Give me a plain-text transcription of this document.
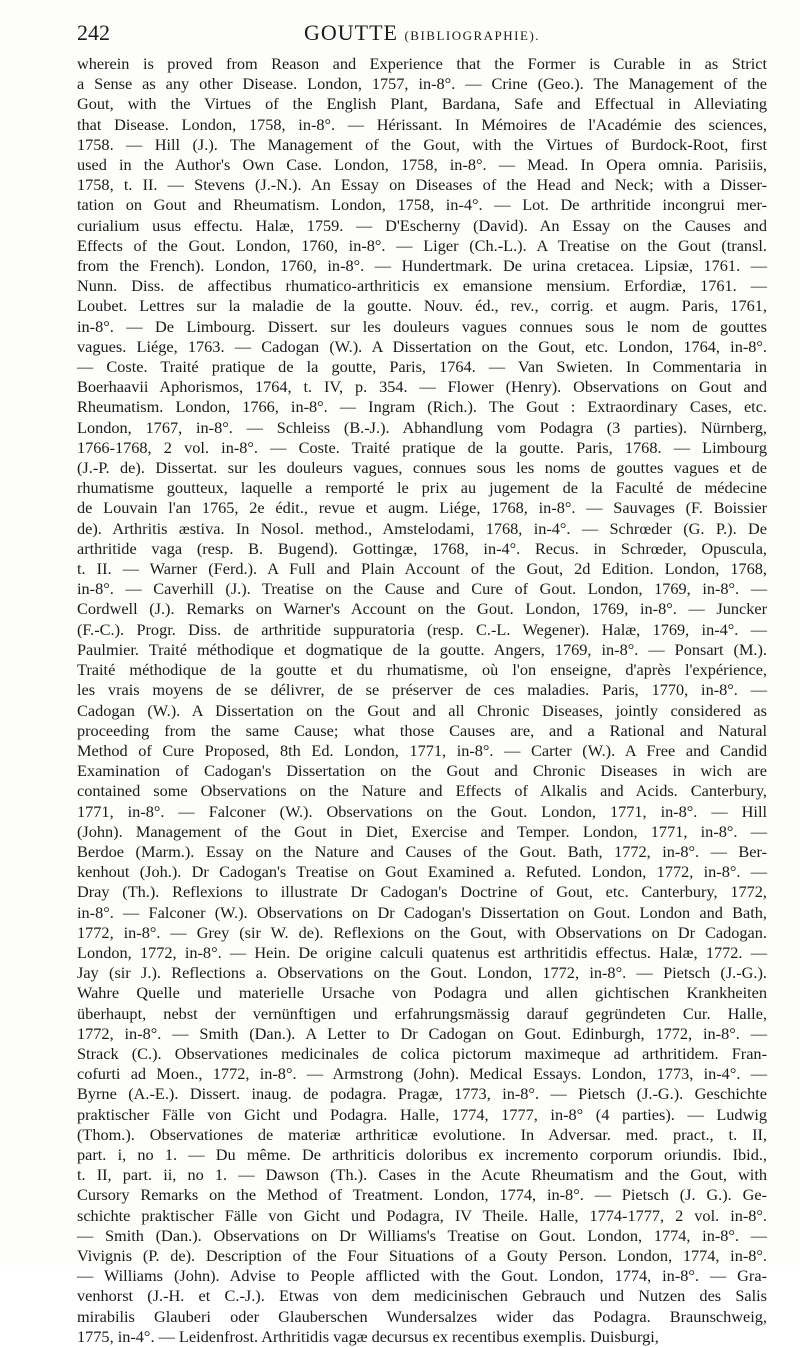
242	GOUTTE (BIBLIOGRAPHIE).
wherein is proved from Reason and Experience that the Former is Curable in as Strict
a Sense as any other Disease. London, 1757, in-8°. — Crine (Geo.). The Management of the
Gout, with the Virtues of the English Plant, Bardana, Safe and Effectual in Alleviating
that Disease. London, 1758, in-8°. — Hérissant. In Mémoires de l'Académie des sciences,
1758. — Hill (J.). The Management of the Gout, with the Virtues of Burdock-Root, first
used in the Author's Own Case. London, 1758, in-8°. — Mead. In Opera omnia. Parisiis,
1758, t. II. — Stevens (J.-N.). An Essay on Diseases of the Head and Neck; with a Disser-
tation on Gout and Rheumatism. London, 1758, in-4°. — Lot. De arthritide incongrui mer-
curialium usus effectu. Halæ, 1759. — D'Escherny (David). An Essay on the Causes and
Effects of the Gout. London, 1760, in-8°. — Liger (Ch.-L.). A Treatise on the Gout (transl.
from the French). London, 1760, in-8°. — Hundertmark. De urina cretacea. Lipsiæ, 1761. —
Nunn. Diss. de affectibus rhumatico-arthriticis ex emansione mensium. Erfordiæ, 1761. —
Loubet. Lettres sur la maladie de la goutte. Nouv. éd., rev., corrig. et augm. Paris, 1761,
in-8°. — De Limbourg. Dissert. sur les douleurs vagues connues sous le nom de gouttes
vagues. Liége, 1763. — Cadogan (W.). A Dissertation on the Gout, etc. London, 1764, in-8°.
— Coste. Traité pratique de la goutte, Paris, 1764. — Van Swieten. In Commentaria in
Boerhaavii Aphorismos, 1764, t. IV, p. 354. — Flower (Henry). Observations on Gout and
Rheumatism. London, 1766, in-8°. — Ingram (Rich.). The Gout : Extraordinary Cases, etc.
London, 1767, in-8°. — Schleiss (B.-J.). Abhandlung vom Podagra (3 parties). Nürnberg,
1766-1768, 2 vol. in-8°. — Coste. Traité pratique de la goutte. Paris, 1768. — Limbourg
(J.-P. de). Dissertat. sur les douleurs vagues, connues sous les noms de gouttes vagues et de
rhumatisme goutteux, laquelle a remporté le prix au jugement de la Faculté de médecine
de Louvain l'an 1765, 2e édit., revue et augm. Liége, 1768, in-8°. — Sauvages (F. Boissier
de). Arthritis æstiva. In Nosol. method., Amstelodami, 1768, in-4°. — Schrœder (G. P.). De
arthritide vaga (resp. B. Bugend). Gottingæ, 1768, in-4°. Recus. in Schrœder, Opuscula,
t. II. — Warner (Ferd.). A Full and Plain Account of the Gout, 2d Edition. London, 1768,
in-8°. — Caverhill (J.). Treatise on the Cause and Cure of Gout. London, 1769, in-8°. —
Cordwell (J.). Remarks on Warner's Account on the Gout. London, 1769, in-8°. — Juncker
(F.-C.). Progr. Diss. de arthritide suppuratoria (resp. C.-L. Wegener). Halæ, 1769, in-4°. —
Paulmier. Traité méthodique et dogmatique de la goutte. Angers, 1769, in-8°. — Ponsart (M.).
Traité méthodique de la goutte et du rhumatisme, où l'on enseigne, d'après l'expérience,
les vrais moyens de se délivrer, de se préserver de ces maladies. Paris, 1770, in-8°. —
Cadogan (W.). A Dissertation on the Gout and all Chronic Diseases, jointly considered as
proceeding from the same Cause; what those Causes are, and a Rational and Natural
Method of Cure Proposed, 8th Ed. London, 1771, in-8°. — Carter (W.). A Free and Candid
Examination of Cadogan's Dissertation on the Gout and Chronic Diseases in wich are
contained some Observations on the Nature and Effects of Alkalis and Acids. Canterbury,
1771, in-8°. — Falconer (W.). Observations on the Gout. London, 1771, in-8°. — Hill
(John). Management of the Gout in Diet, Exercise and Temper. London, 1771, in-8°. —
Berdoe (Marm.). Essay on the Nature and Causes of the Gout. Bath, 1772, in-8°. — Ber-
kenhout (Joh.). Dr Cadogan's Treatise on Gout Examined a. Refuted. London, 1772, in-8°. —
Dray (Th.). Reflexions to illustrate Dr Cadogan's Doctrine of Gout, etc. Canterbury, 1772,
in-8°. — Falconer (W.). Observations on Dr Cadogan's Dissertation on Gout. London and Bath,
1772, in-8°. — Grey (sir W. de). Reflexions on the Gout, with Observations on Dr Cadogan.
London, 1772, in-8°. — Hein. De origine calculi quatenus est arthritidis effectus. Halæ, 1772. —
Jay (sir J.). Reflections a. Observations on the Gout. London, 1772, in-8°. — Pietsch (J.-G.).
Wahre Quelle und materielle Ursache von Podagra und allen gichtischen Krankheiten
überhaupt, nebst der vernünftigen und erfahrungsmässig darauf gegründeten Cur. Halle,
1772, in-8°. — Smith (Dan.). A Letter to Dr Cadogan on Gout. Edinburgh, 1772, in-8°. —
Strack (C.). Observationes medicinales de colica pictorum maximeque ad arthritidem. Fran-
cofurti ad Moen., 1772, in-8°. — Armstrong (John). Medical Essays. London, 1773, in-4°. —
Byrne (A.-E.). Dissert. inaug. de podagra. Pragæ, 1773, in-8°. — Pietsch (J.-G.). Geschichte
praktischer Fälle von Gicht und Podagra. Halle, 1774, 1777, in-8° (4 parties). — Ludwig
(Thom.). Observationes de materiæ arthriticæ evolutione. In Adversar. med. pract., t. II,
part. i, no 1. — Du même. De arthriticis doloribus ex incremento corporum oriundis. Ibid.,
t. II, part. ii, no 1. — Dawson (Th.). Cases in the Acute Rheumatism and the Gout, with
Cursory Remarks on the Method of Treatment. London, 1774, in-8°. — Pietsch (J. G.). Ge-
schichte praktischer Fälle von Gicht und Podagra, IV Theile. Halle, 1774-1777, 2 vol. in-8°.
— Smith (Dan.). Observations on Dr Williams's Treatise on Gout. London, 1774, in-8°. —
Vivignis (P. de). Description of the Four Situations of a Gouty Person. London, 1774, in-8°.
— Williams (John). Advise to People afflicted with the Gout. London, 1774, in-8°. — Gra-
venhorst (J.-H. et C.-J.). Etwas von dem medicinischen Gebrauch und Nutzen des Salis
mirabilis Glauberi oder Glauberschen Wundersalzes wider das Podagra. Braunschweig,
1775, in-4°. — Leidenfrost. Arthritidis vagæ decursus ex recentibus exemplis. Duisburgi,
